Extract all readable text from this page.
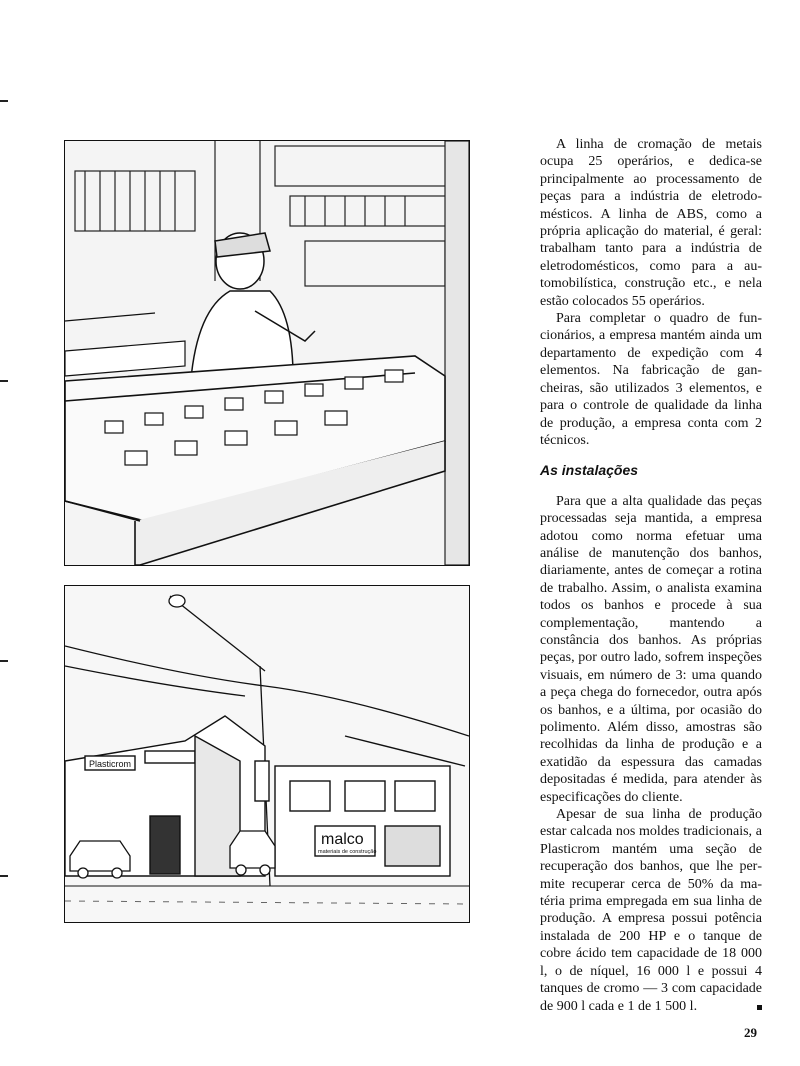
Plasticrom
malco
materiais de construção

A linha de cromação de metais ocupa 25 operários, e dedica-se principalmente ao processamento de peças para a indústria de eletrodomésticos. A linha de ABS, como a própria aplicação do material, é geral: trabalham tanto para a indústria de eletrodomésticos, como para a automobilística, construção etc., e nela estão colocados 55 operários.

Para completar o quadro de funcionários, a empresa mantém ainda um departamento de expedição com 4 elementos. Na fabricação de gancheiras, são utilizados 3 elementos, e para o controle de qualidade da linha de produção, a empresa conta com 2 técnicos.

As instalações

Para que a alta qualidade das peças processadas seja mantida, a empresa adotou como norma efetuar uma análise de manutenção dos banhos, diariamente, antes de começar a rotina de trabalho. Assim, o analista examina todos os banhos e procede à sua complementação, mantendo a constância dos banhos. As próprias peças, por outro lado, sofrem inspeções visuais, em número de 3: uma quando a peça chega do fornecedor, outra após os banhos, e a última, por ocasião do polimento. Além disso, amostras são recolhidas da linha de produção e a exatidão da espessura das camadas depositadas é medida, para atender às especificações do cliente.

Apesar de sua linha de produção estar calcada nos moldes tradicionais, a Plasticrom mantém uma seção de recuperação dos banhos, que lhe permite recuperar cerca de 50% da matéria prima empregada em sua linha de produção. A empresa possui potência instalada de 200 HP e o tanque de cobre ácido tem capacidade de 18 000 l, o de níquel, 16 000 l e possui 4 tanques de cromo — 3 com capacidade de 900 l cada e 1 de 1 500 l.

29
